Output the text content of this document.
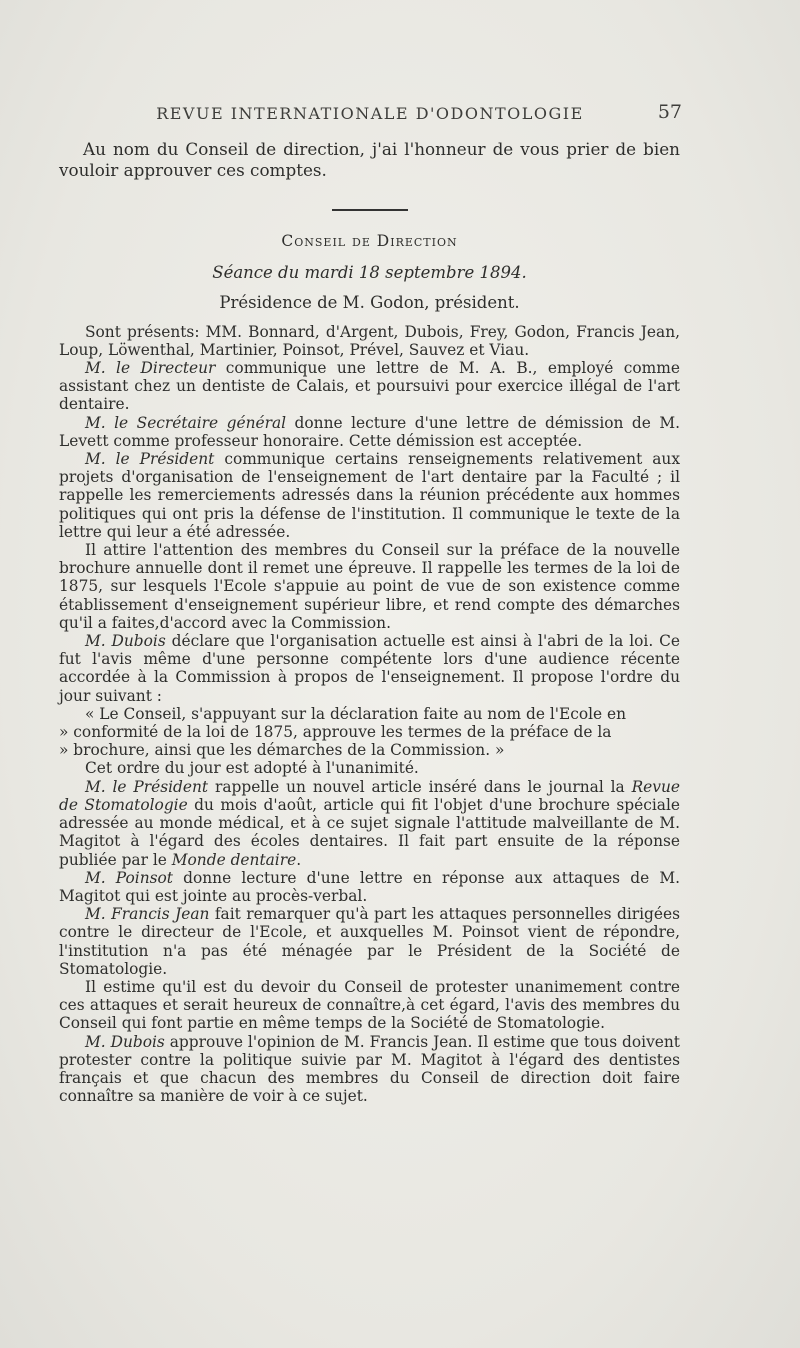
REVUE INTERNATIONALE D'ODONTOLOGIE	57

Au nom du Conseil de direction, j'ai l'honneur de vous prier de bien vouloir approuver ces comptes.

Conseil de Direction

Séance du mardi 18 septembre 1894.

Présidence de M. Godon, président.

Sont présents: MM. Bonnard, d'Argent, Dubois, Frey, Godon, Francis Jean, Loup, Löwenthal, Martinier, Poinsot, Prével, Sauvez et Viau.

M. le Directeur communique une lettre de M. A. B., employé comme assistant chez un dentiste de Calais, et poursuivi pour exercice illégal de l'art dentaire.

M. le Secrétaire général donne lecture d'une lettre de démission de M. Levett comme professeur honoraire. Cette démission est acceptée.

M. le Président communique certains renseignements relativement aux projets d'organisation de l'enseignement de l'art dentaire par la Faculté ; il rappelle les remerciements adressés dans la réunion précédente aux hommes politiques qui ont pris la défense de l'institution. Il communique le texte de la lettre qui leur a été adressée.

Il attire l'attention des membres du Conseil sur la préface de la nouvelle brochure annuelle dont il remet une épreuve. Il rappelle les termes de la loi de 1875, sur lesquels l'Ecole s'appuie au point de vue de son existence comme établissement d'enseignement supérieur libre, et rend compte des démarches qu'il a faites,d'accord avec la Commission.

M. Dubois déclare que l'organisation actuelle est ainsi à l'abri de la loi. Ce fut l'avis même d'une personne compétente lors d'une audience récente accordée à la Commission à propos de l'enseignement. Il propose l'ordre du jour suivant :

« Le Conseil, s'appuyant sur la déclaration faite au nom de l'Ecole en

» conformité de la loi de 1875, approuve les termes de la préface de la

» brochure, ainsi que les démarches de la Commission. »

Cet ordre du jour est adopté à l'unanimité.

M. le Président rappelle un nouvel article inséré dans le journal la Revue de Stomatologie du mois d'août, article qui fit l'objet d'une brochure spéciale adressée au monde médical, et à ce sujet signale l'attitude malveillante de M. Magitot à l'égard des écoles dentaires. Il fait part ensuite de la réponse publiée par le Monde dentaire.

M. Poinsot donne lecture d'une lettre en réponse aux attaques de M. Magitot qui est jointe au procès-verbal.

M. Francis Jean fait remarquer qu'à part les attaques personnelles dirigées contre le directeur de l'Ecole, et auxquelles M. Poinsot vient de répondre, l'institution n'a pas été ménagée par le Président de la Société de Stomatologie.

Il estime qu'il est du devoir du Conseil de protester unanimement contre ces attaques et serait heureux de connaître,à cet égard, l'avis des membres du Conseil qui font partie en même temps de la Société de Stomatologie.

M. Dubois approuve l'opinion de M. Francis Jean. Il estime que tous doivent protester contre la politique suivie par M. Magitot à l'égard des dentistes français et que chacun des membres du Conseil de direction doit faire connaître sa manière de voir à ce sujet.
